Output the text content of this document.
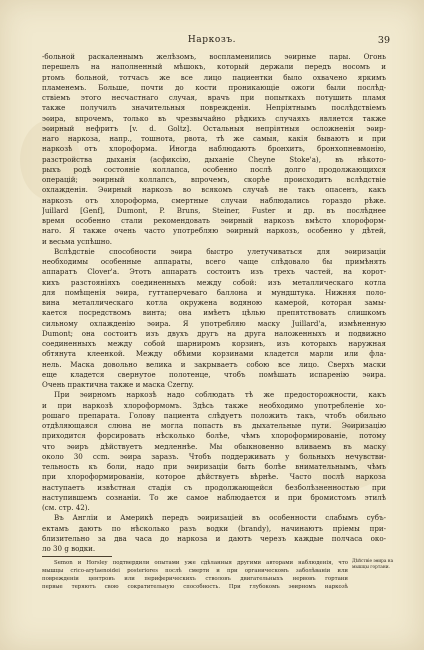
Наркозъ.	39
-больной раскаленнымъ желѣзомъ, воспламенились эѳирные пары. Огонь
перешелъ на наполненный мѣшокъ, который держали передъ носомъ и
ртомъ больной, тотчасъ же все лицо пациентки было охвачено яркимъ
пламенемъ. Больше, почти до кости проникающіе ожоги были послѣд-
ствіемъ этого несчастнаго случая, врачъ при попыткахъ потушить пламя
также получилъ значительныя поврежденія. Непріятнымъ послѣдствіемъ
эѳира, впрочемъ, только въ чрезвычайно рѣдкихъ случаяхъ является также
эѳирный нефритъ [v. d. Goltz]. Остальныя непріятныя осложненія эѳир-
наго наркоза, напр., тошнота, рвота, тѣ же самыя, какія бываютъ и при
наркозѣ отъ хлороформа. Иногда наблюдаютъ бронхитъ, бронхопневмонію,
разстройства дыханія (асфиксію, дыханіе Cheyne Stoke'а), въ нѣкото-
рыхъ родѣ состояніе коллапса, особенно послѣ долго продолжающихся
операцій; эѳирный коллапсъ, впрочемъ, скорѣе происходитъ вслѣдствіе
охлажденія. Эѳирный наркозъ во всякомъ случаѣ не такъ опасенъ, какъ
наркозъ отъ хлороформа, смертные случаи наблюдались гораздо рѣже.
Juillard [Genf], Dumont, P. Bruns, Steiner, Fuster и др. въ послѣднее
время особенно стали рекомендовать эѳирный наркозъ вмѣсто хлороформ-
наго. Я также очень часто употребляю эѳирный наркозъ, особенно у дѣтей,
и весьма успѣшно.
Вслѣдствіе способности эѳира быстро улетучиваться для эѳиризаціи
необходимы особенные аппараты, всего чаще слѣдовало бы примѣнять
аппаратъ Clover'а. Этотъ аппаратъ состоитъ изъ трехъ частей, на корот-
кихъ разстояніяхъ соединенныхъ между собой: изъ металлическаго котла
для помѣщенія эѳира, гуттаперчеваго баллона и мундштука. Нижняя поло-
вина металлическаго котла окружена водяною камерой, которая замы-
кается посредствомъ винта; она имѣетъ цѣлью препятствовать слишкомъ
сильному охлажденію эѳира. Я употребляю маску Juillard'а, измѣненную
Dumont; она состоитъ изъ двухъ другъ на друга наложенныхъ и подвижно
соединенныхъ между собой шарниромъ корзинъ, изъ которыхъ наружная
обтянута клеенкой. Между обѣими корзинами кладется марли или фла-
нель. Маска довольно велика и закрываетъ собою все лицо. Сверхъ маски
еще кладется свернутое полотенце, чтобъ помѣшать испаренію эѳира.
Очень практична также и маска Czerny.
При эѳирномъ наркозѣ надо соблюдать тѣ же предосторожности, какъ
и при наркозѣ хлороформомъ. Здѣсь также необходимо употребленіе хо-
рошаго препарата. Голову пациента слѣдуетъ положить такъ, чтобъ обильно
отдѣляющаяся слюна не могла попасть въ дыхательные пути. Эѳиризацію
приходится форсировать нѣсколько болѣе, чѣмъ хлороформированіе, потому
что эѳиръ дѣйствуетъ медленнѣе. Мы обыкновенно вливаемъ въ маску
около 30 ccm. эѳира заразъ. Чтобъ поддерживать у больныхъ нечувстви-
тельность къ боли, надо при эѳиризаціи быть болѣе внимательнымъ, чѣмъ
при хлороформированіи, которое дѣйствуетъ вѣрнѣе. Часто послѣ наркоза
наступаетъ извѣстная стадія съ продолжающейся безболѣзненностью при
наступившемъ сознаніи. То же самое наблюдается и при бромистомъ этилѣ
(см. стр. 42).
Въ Англіи и Америкѣ передъ эѳиризаціей въ особенности слабымъ субъ-
ектамъ даютъ по нѣсколько разъ водки (brandy), начинаютъ пріемы при-
близительно за два часа до наркоза и даютъ черезъ каждые полчаса око-
ло 30 g водки.
Semon и Horsley подтвердили опытами уже сдѣланныя другими авторами наблюденія, что
мышцы crico-arytaenoidei posteriores послѣ смерти и при органическомъ заболѣваніи или
поврежденіи центровъ или периферическихъ стволовъ двигательныхъ нервовъ гортани
первые теряютъ свою сократительную способность. При глубокомъ эѳирномъ наркозѣ
Дѣйствіе эѳира на мышцы гортани.
